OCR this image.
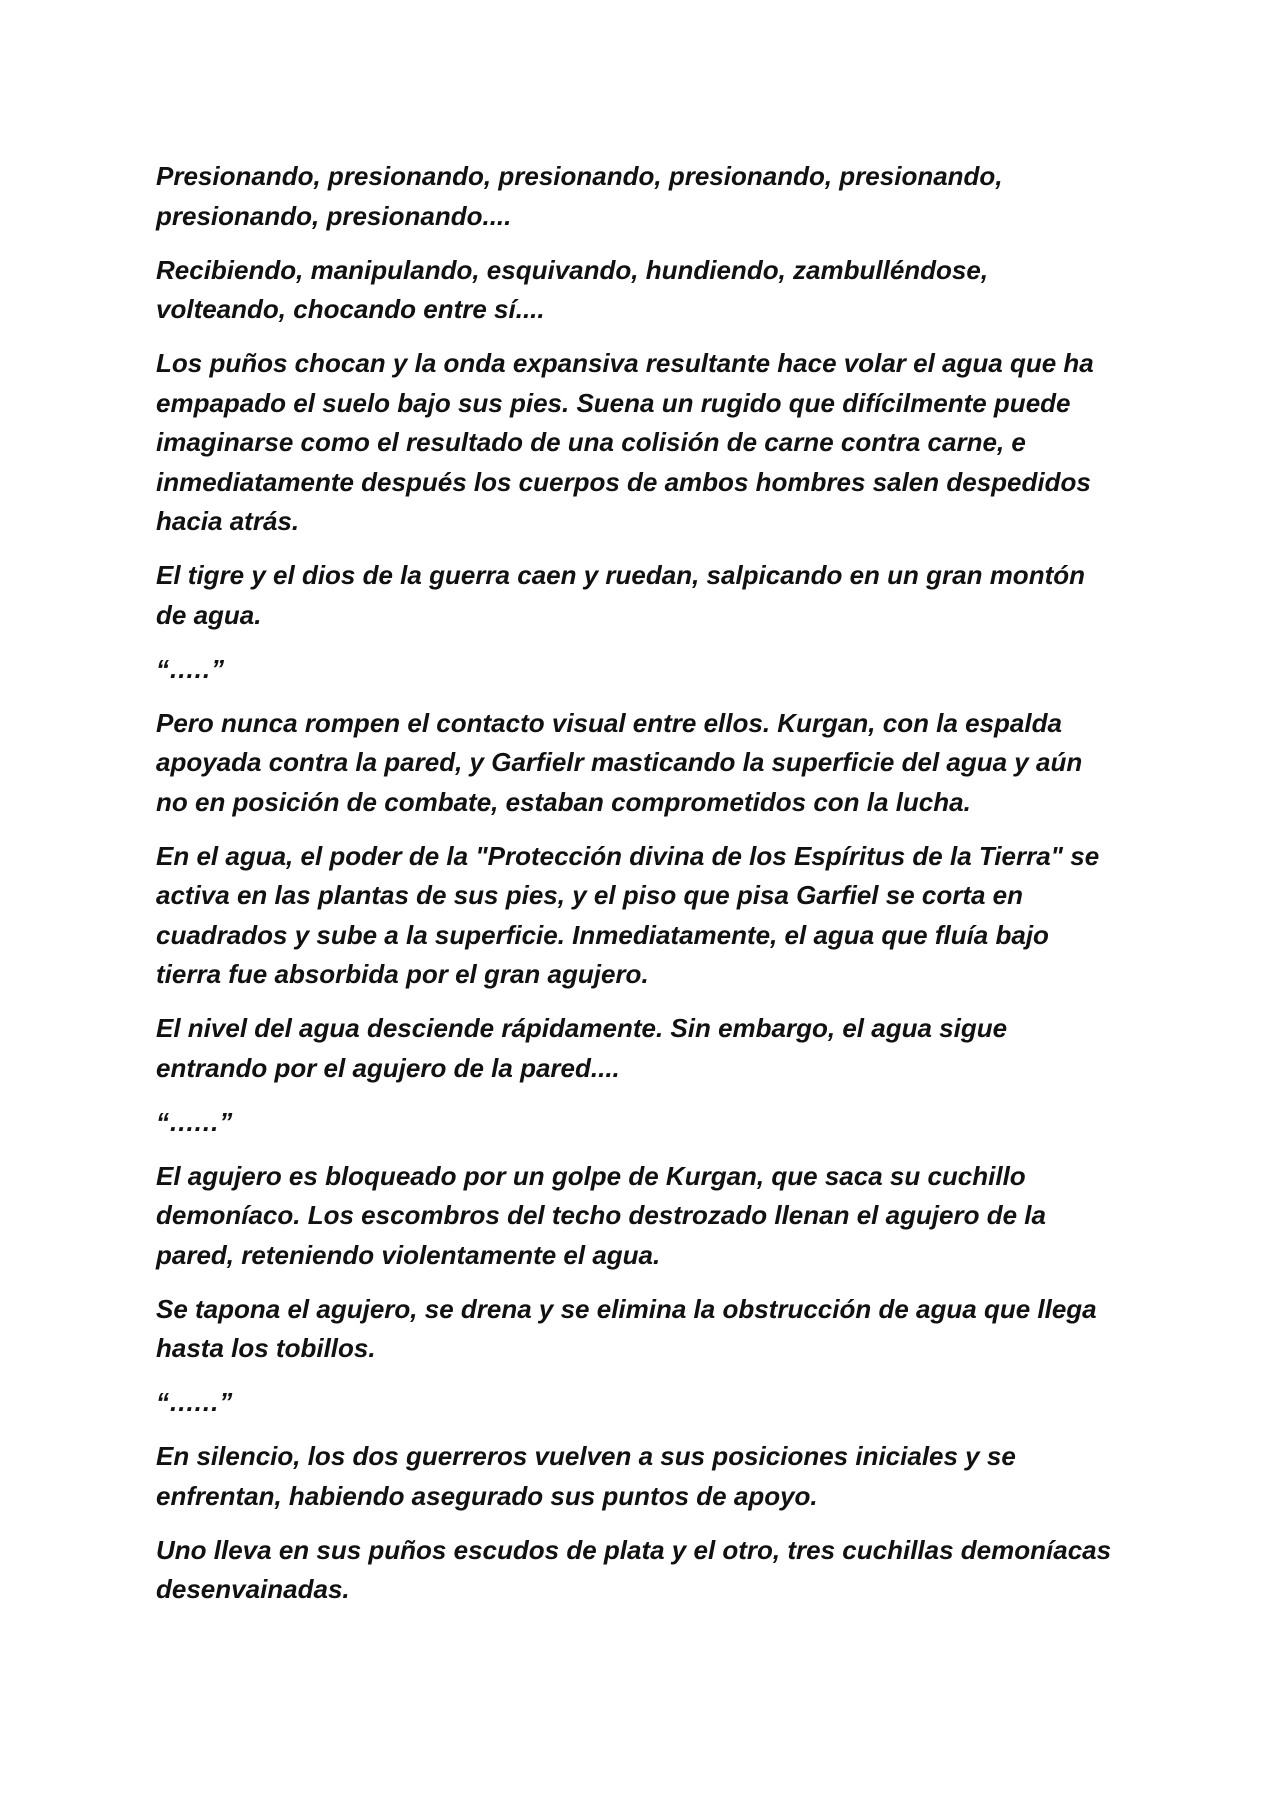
Presionando, presionando, presionando, presionando, presionando, presionando, presionando....

Recibiendo, manipulando, esquivando, hundiendo, zambulléndose, volteando, chocando entre sí....

Los puños chocan y la onda expansiva resultante hace volar el agua que ha empapado el suelo bajo sus pies. Suena un rugido que difícilmente puede imaginarse como el resultado de una colisión de carne contra carne, e inmediatamente después los cuerpos de ambos hombres salen despedidos hacia atrás.

El tigre y el dios de la guerra caen y ruedan, salpicando en un gran montón de agua.

“.....”

Pero nunca rompen el contacto visual entre ellos. Kurgan, con la espalda apoyada contra la pared, y Garfielr masticando la superficie del agua y aún no en posición de combate, estaban comprometidos con la lucha.

En el agua, el poder de la "Protección divina de los Espíritus de la Tierra" se activa en las plantas de sus pies, y el piso que pisa Garfiel se corta en cuadrados y sube a la superficie. Inmediatamente, el agua que fluía bajo tierra fue absorbida por el gran agujero.

El nivel del agua desciende rápidamente. Sin embargo, el agua sigue entrando por el agujero de la pared....

“......”

El agujero es bloqueado por un golpe de Kurgan, que saca su cuchillo demoníaco. Los escombros del techo destrozado llenan el agujero de la pared, reteniendo violentamente el agua.

Se tapona el agujero, se drena y se elimina la obstrucción de agua que llega hasta los tobillos.

“......”

En silencio, los dos guerreros vuelven a sus posiciones iniciales y se enfrentan, habiendo asegurado sus puntos de apoyo.

Uno lleva en sus puños escudos de plata y el otro, tres cuchillas demoníacas desenvainadas.
